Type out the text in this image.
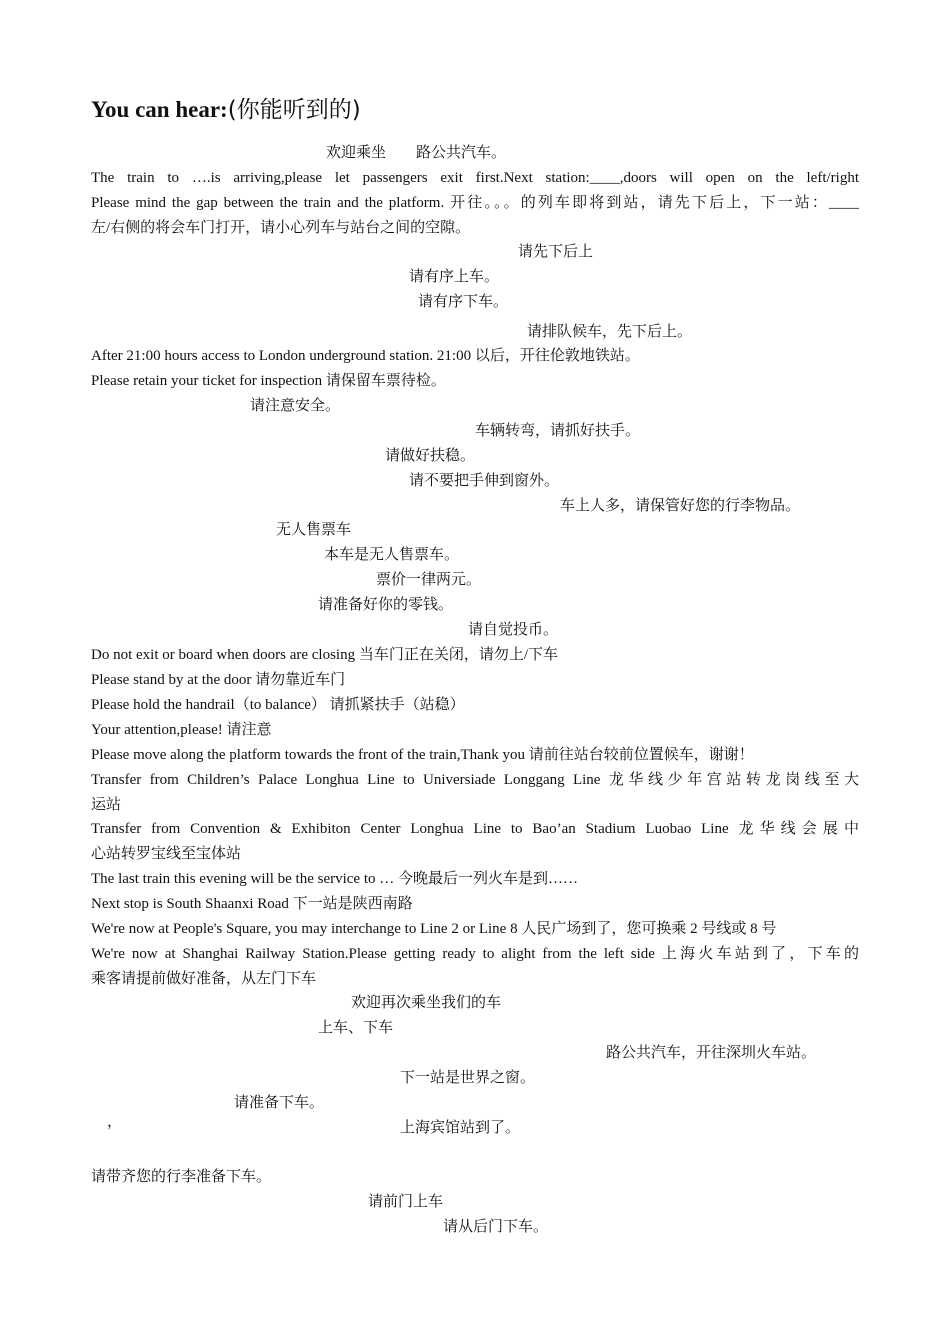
You can hear:(你能听到的)
欢迎乘坐　　路公共汽车。
The train to ….is arriving,please let passengers exit first.Next station:____,doors will open on the left/right
Please mind the gap between the train and the platform. 开往。。。的列车即将到站，请先下后上，下一站：____
左/右侧的将会车门打开，请小心列车与站台之间的空隙。
请先下后上
请有序上车。
请有序下车。
请排队候车，先下后上。
After 21:00 hours access to London underground station. 21:00 以后，开往伦敦地铁站。
Please retain your ticket for inspection 请保留车票待检。
请注意安全。
车辆转弯，请抓好扶手。
请做好扶稳。
请不要把手伸到窗外。
车上人多，请保管好您的行李物品。
无人售票车
本车是无人售票车。
票价一律两元。
请准备好你的零钱。
请自觉投币。
Do not exit or board when doors are closing 当车门正在关闭，请勿上/下车
Please stand by at the door 请勿靠近车门
Please hold the handrail（to balance） 请抓紧扶手（站稳）
Your attention,please! 请注意
Please move along the platform towards the front of the train,Thank you 请前往站台较前位置候车，谢谢！
Transfer from Children’s Palace Longhua Line to Universiade Longgang Line 龙华线少年宫站转龙岗线至大
运站
Transfer from Convention & Exhibiton Center Longhua Line to Bao’an Stadium Luobao Line 龙华线会展中
心站转罗宝线至宝体站
The last train this evening will be the service to … 今晚最后一列火车是到……
Next stop is South Shaanxi Road 下一站是陕西南路
We're now at People's Square, you may interchange to Line 2 or Line 8 人民广场到了，您可换乘 2 号线或 8 号
We're now at Shanghai Railway Station.Please getting ready to alight from the left side 上海火车站到了，下车的
乘客请提前做好准备，从左门下车
欢迎再次乘坐我们的车
上车、下车
路公共汽车，开往深圳火车站。
下一站是世界之窗。
请准备下车。
，	上海宾馆站到了。
请带齐您的行李准备下车。
请前门上车
请从后门下车。
